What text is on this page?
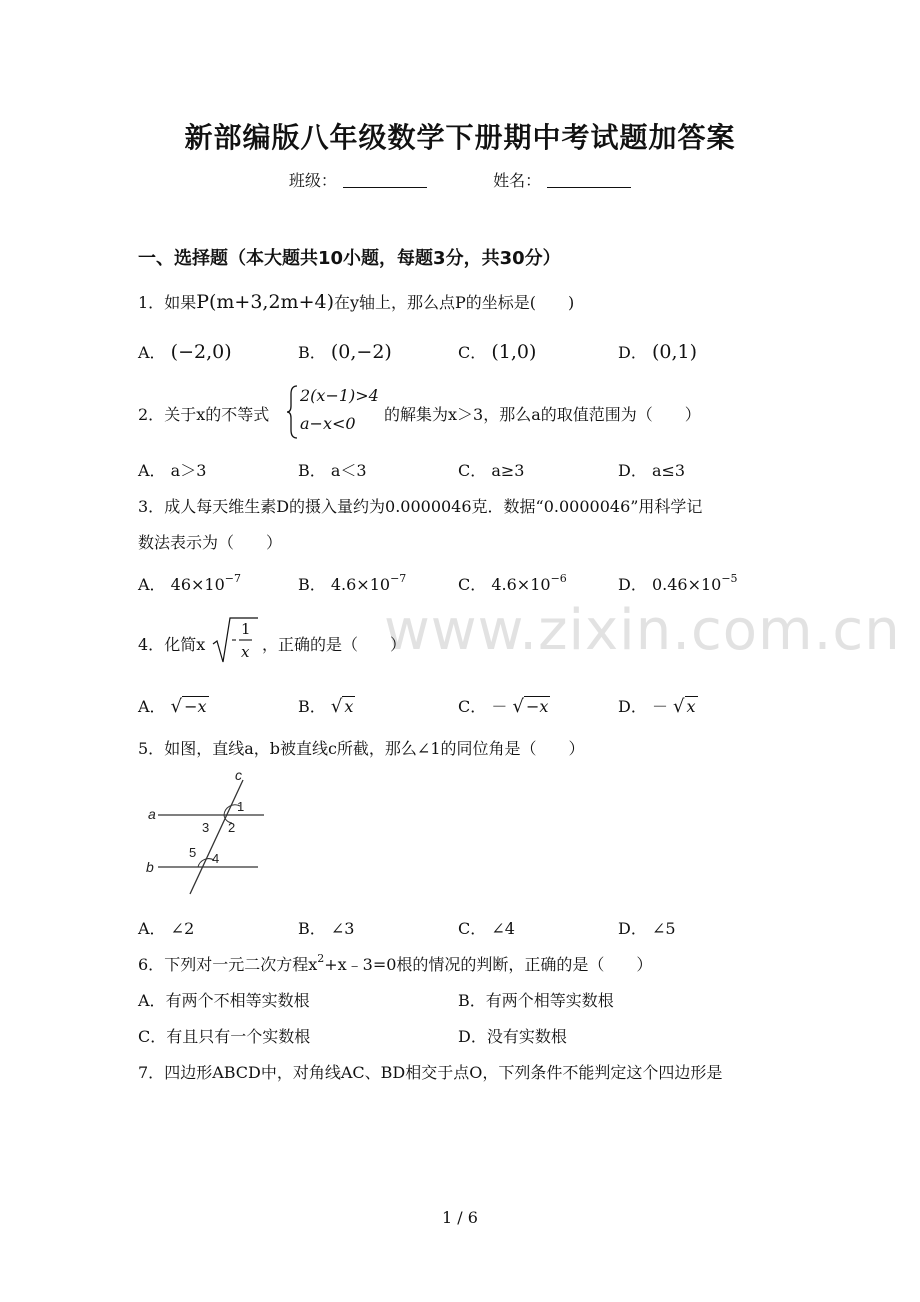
www.zixin.com.cn
新部编版八年级数学下册期中考试题加答案
班级：	姓名：
一、选择题（本大题共10小题，每题3分，共30分）
1．如果P(m+3,2m+4)在y轴上，那么点P的坐标是(　　)
A． (−2,0)	B． (0,−2)	C． (1,0)	D． (0,1)
2．关于x的不等式
2(x−1)>4
a−x<0 的解集为x＞3，那么a的取值范围为（　　）
A． a＞3	B． a＜3	C． a≥3	D． a≤3
3．成人每天维生素D的摄入量约为0.0000046克．数据“0.0000046”用科学记
数法表示为（　　）
A． $46\times 10^{-7}$	B． $4.6\times 10^{-7}$	C． $4.6\times 10^{-6}$	D． $0.46\times 10^{-5}$
4．化简x
1
x ，正确的是（　　）
A． √ −x	B． √ x	C． － √ −x	D． － √ x
5．如图，直线a，b被直线c所截，那么∠1的同位角是（　　）
c
a
b
1
2
3
4
5
A． ∠2	B． ∠3	C． ∠4	D． ∠5
6．下列对一元二次方程$x^2+x﹣3=0$根的情况的判断，正确的是（　　）
A．有两个不相等实数根	B．有两个相等实数根
C．有且只有一个实数根	D．没有实数根
7．四边形ABCD中，对角线AC、BD相交于点O，下列条件不能判定这个四边形是
1 / 6
